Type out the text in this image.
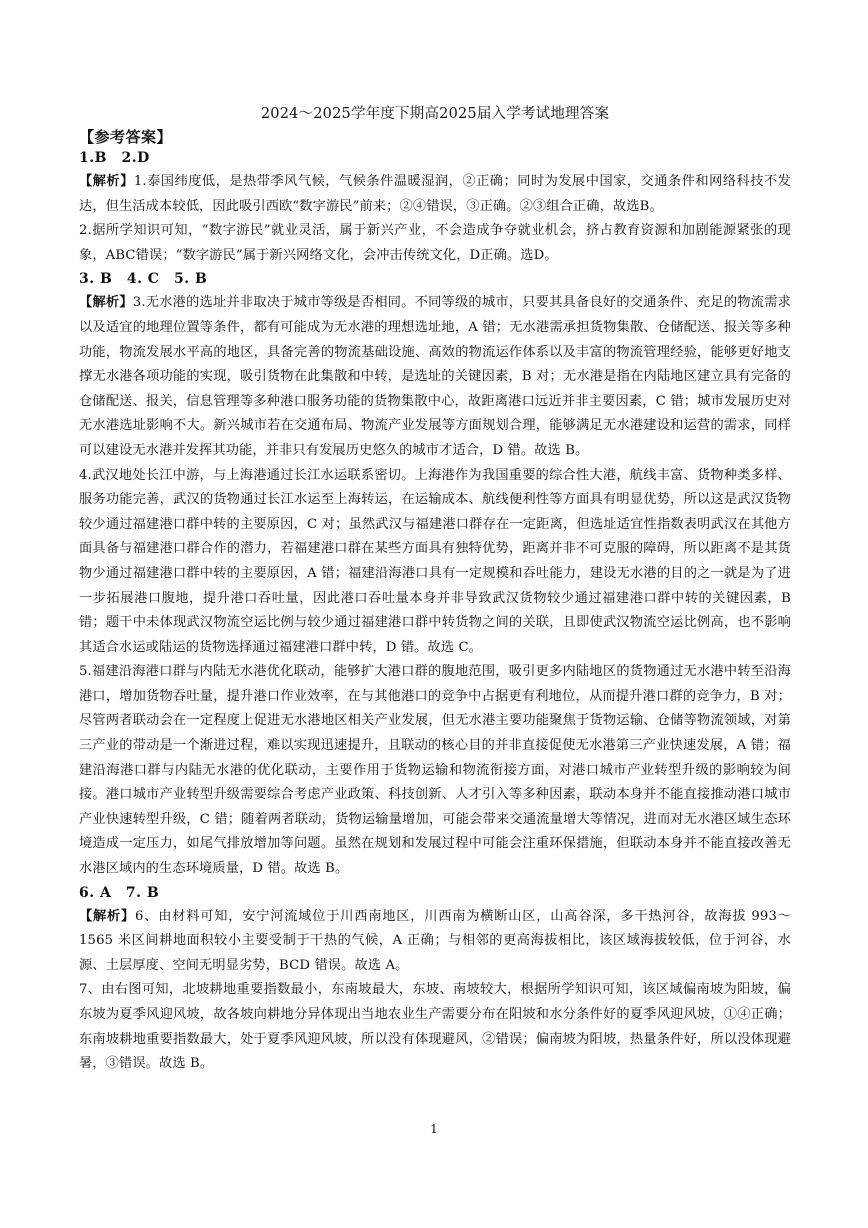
2024～2025学年度下期高2025届入学考试地理答案
【参考答案】
1.B　2.D

【解析】1.泰国纬度低，是热带季风气候，气候条件温暖湿润，②正确；同时为发展中国家，交通条件和网络科技不发达，但生活成本较低，因此吸引西欧“数字游民”前来；②④错误，③正确。②③组合正确，故选B。

2.据所学知识可知，“数字游民”就业灵活，属于新兴产业，不会造成争夺就业机会，挤占教育资源和加剧能源紧张的现象，ABC错误；“数字游民”属于新兴网络文化，会冲击传统文化，D正确。选D。

3. B　4. C　5. B

【解析】3.无水港的选址并非取决于城市等级是否相同。不同等级的城市，只要其具备良好的交通条件、充足的物流需求以及适宜的地理位置等条件，都有可能成为无水港的理想选址地，A 错；无水港需承担货物集散、仓储配送、报关等多种功能，物流发展水平高的地区，具备完善的物流基础设施、高效的物流运作体系以及丰富的物流管理经验，能够更好地支撑无水港各项功能的实现，吸引货物在此集散和中转，是选址的关键因素，B 对；无水港是指在内陆地区建立具有完备的仓储配送、报关，信息管理等多种港口服务功能的货物集散中心，故距离港口远近并非主要因素，C 错；城市发展历史对无水港选址影响不大。新兴城市若在交通布局、物流产业发展等方面规划合理，能够满足无水港建设和运营的需求，同样可以建设无水港并发挥其功能，并非只有发展历史悠久的城市才适合，D 错。故选 B。

4.武汉地处长江中游，与上海港通过长江水运联系密切。上海港作为我国重要的综合性大港，航线丰富、货物种类多样、服务功能完善，武汉的货物通过长江水运至上海转运，在运输成本、航线便利性等方面具有明显优势，所以这是武汉货物较少通过福建港口群中转的主要原因，C 对；虽然武汉与福建港口群存在一定距离，但选址适宜性指数表明武汉在其他方面具备与福建港口群合作的潜力，若福建港口群在某些方面具有独特优势，距离并非不可克服的障碍，所以距离不是其货物少通过福建港口群中转的主要原因，A 错；福建沿海港口具有一定规模和吞吐能力，建设无水港的目的之一就是为了进一步拓展港口腹地，提升港口吞吐量，因此港口吞吐量本身并非导致武汉货物较少通过福建港口群中转的关键因素，B 错；题干中未体现武汉物流空运比例与较少通过福建港口群中转货物之间的关联，且即使武汉物流空运比例高，也不影响其适合水运或陆运的货物选择通过福建港口群中转，D 错。故选 C。

5.福建沿海港口群与内陆无水港优化联动，能够扩大港口群的腹地范围，吸引更多内陆地区的货物通过无水港中转至沿海港口，增加货物吞吐量，提升港口作业效率，在与其他港口的竞争中占据更有利地位，从而提升港口群的竞争力，B 对；尽管两者联动会在一定程度上促进无水港地区相关产业发展，但无水港主要功能聚焦于货物运输、仓储等物流领域，对第三产业的带动是一个渐进过程，难以实现迅速提升，且联动的核心目的并非直接促使无水港第三产业快速发展，A 错；福建沿海港口群与内陆无水港的优化联动，主要作用于货物运输和物流衔接方面，对港口城市产业转型升级的影响较为间接。港口城市产业转型升级需要综合考虑产业政策、科技创新、人才引入等多种因素，联动本身并不能直接推动港口城市产业快速转型升级，C 错；随着两者联动，货物运输量增加，可能会带来交通流量增大等情况，进而对无水港区域生态环境造成一定压力，如尾气排放增加等问题。虽然在规划和发展过程中可能会注重环保措施，但联动本身并不能直接改善无水港区域内的生态环境质量，D 错。故选 B。

6. A　7. B

【解析】6、由材料可知，安宁河流域位于川西南地区，川西南为横断山区，山高谷深，多干热河谷，故海拔 993～1565 米区间耕地面积较小主要受制于干热的气候，A 正确；与相邻的更高海拔相比，该区域海拔较低，位于河谷，水源、土层厚度、空间无明显劣势，BCD 错误。故选 A。

7、由右图可知，北坡耕地重要指数最小，东南坡最大，东坡、南坡较大，根据所学知识可知，该区域偏南坡为阳坡，偏东坡为夏季风迎风坡，故各坡向耕地分异体现出当地农业生产需要分布在阳坡和水分条件好的夏季风迎风坡，①④正确；东南坡耕地重要指数最大，处于夏季风迎风坡，所以没有体现避风，②错误；偏南坡为阳坡，热量条件好，所以没体现避暑，③错误。故选 B。

1
